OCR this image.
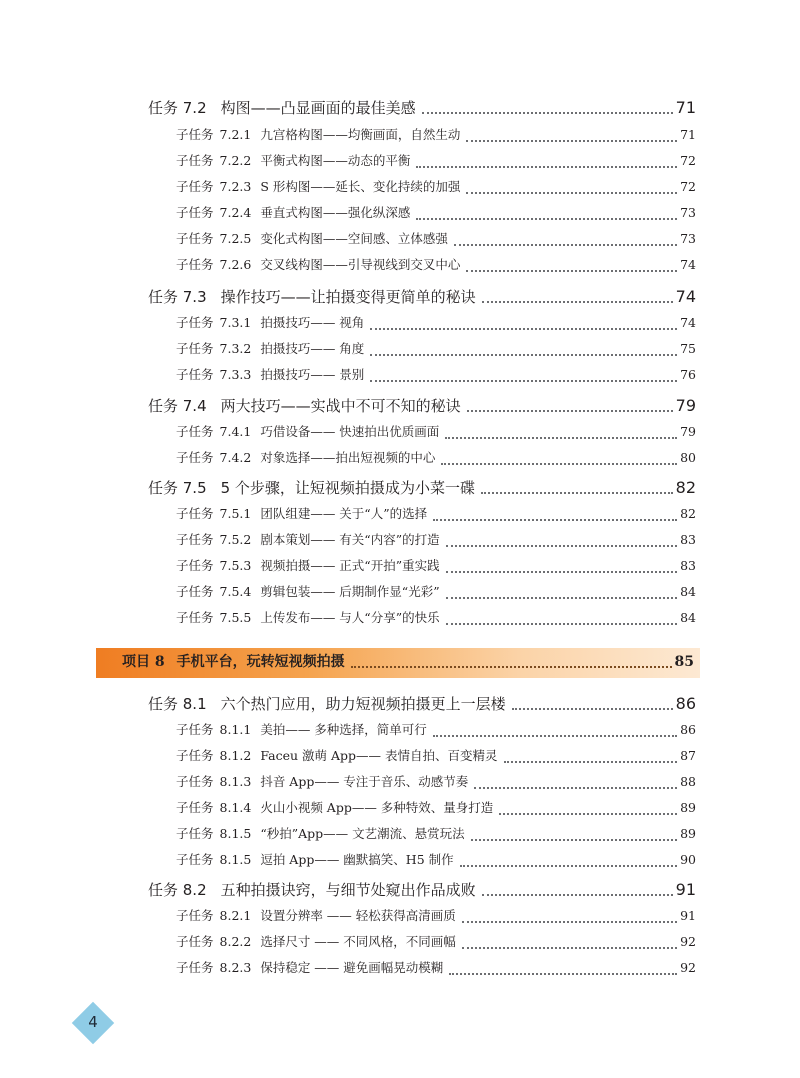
任务 7.2 构图——凸显画面的最佳美感	71
子任务 7.2.1 九宫格构图——均衡画面，自然生动	71
子任务 7.2.2 平衡式构图——动态的平衡	72
子任务 7.2.3 S 形构图——延长、变化持续的加强	72
子任务 7.2.4 垂直式构图——强化纵深感	73
子任务 7.2.5 变化式构图——空间感、立体感强	73
子任务 7.2.6 交叉线构图——引导视线到交叉中心	74
任务 7.3 操作技巧——让拍摄变得更简单的秘诀	74
子任务 7.3.1 拍摄技巧—— 视角	74
子任务 7.3.2 拍摄技巧—— 角度	75
子任务 7.3.3 拍摄技巧—— 景别	76
任务 7.4 两大技巧——实战中不可不知的秘诀	79
子任务 7.4.1 巧借设备—— 快速拍出优质画面	79
子任务 7.4.2 对象选择——拍出短视频的中心	80
任务 7.5 5 个步骤，让短视频拍摄成为小菜一碟	82
子任务 7.5.1 团队组建—— 关于“人”的选择	82
子任务 7.5.2 剧本策划—— 有关“内容”的打造	83
子任务 7.5.3 视频拍摄—— 正式“开拍”重实践	83
子任务 7.5.4 剪辑包装—— 后期制作显“光彩”	84
子任务 7.5.5 上传发布—— 与人“分享”的快乐	84
项目 8 手机平台，玩转短视频拍摄	85
任务 8.1 六个热门应用，助力短视频拍摄更上一层楼	86
子任务 8.1.1 美拍—— 多种选择，简单可行	86
子任务 8.1.2 Faceu 激萌 App—— 表情自拍、百变精灵	87
子任务 8.1.3 抖音 App—— 专注于音乐、动感节奏	88
子任务 8.1.4 火山小视频 App—— 多种特效、量身打造	89
子任务 8.1.5 “秒拍”App—— 文艺潮流、悬赏玩法	89
子任务 8.1.5 逗拍 App—— 幽默搞笑、H5 制作	90
任务 8.2 五种拍摄诀窍，与细节处窥出作品成败	91
子任务 8.2.1 设置分辨率 —— 轻松获得高清画质	91
子任务 8.2.2 选择尺寸 —— 不同风格，不同画幅	92
子任务 8.2.3 保持稳定 —— 避免画幅晃动模糊	92
4
